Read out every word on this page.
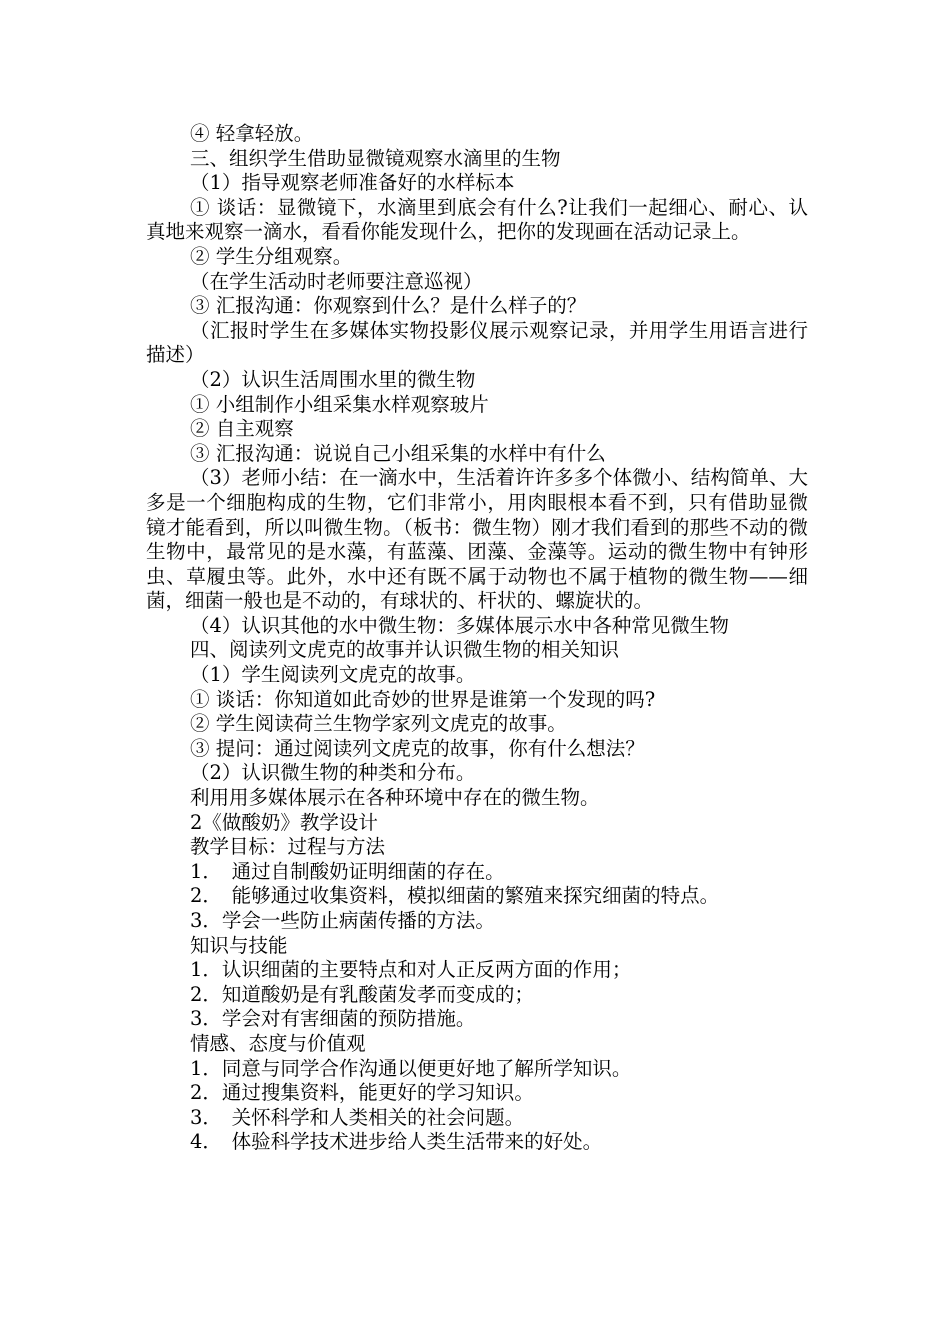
④ 轻拿轻放。

三、组织学生借助显微镜观察水滴里的生物

（1）指导观察老师准备好的水样标本

① 谈话：显微镜下，水滴里到底会有什么?让我们一起细心、耐心、认真地来观察一滴水，看看你能发现什么，把你的发现画在活动记录上。

② 学生分组观察。

（在学生活动时老师要注意巡视）

③ 汇报沟通：你观察到什么？是什么样子的？

（汇报时学生在多媒体实物投影仪展示观察记录，并用学生用语言进行描述）

（2）认识生活周围水里的微生物

① 小组制作小组采集水样观察玻片

② 自主观察

③ 汇报沟通：说说自己小组采集的水样中有什么

（3）老师小结：在一滴水中，生活着许许多多个体微小、结构简单、大多是一个细胞构成的生物，它们非常小，用肉眼根本看不到，只有借助显微镜才能看到，所以叫微生物。（板书：微生物）刚才我们看到的那些不动的微生物中，最常见的是水藻，有蓝藻、团藻、金藻等。运动的微生物中有钟形虫、草履虫等。此外，水中还有既不属于动物也不属于植物的微生物——细菌，细菌一般也是不动的，有球状的、杆状的、螺旋状的。

（4）认识其他的水中微生物：多媒体展示水中各种常见微生物

四、阅读列文虎克的故事并认识微生物的相关知识

（1）学生阅读列文虎克的故事。

① 谈话：你知道如此奇妙的世界是谁第一个发现的吗?

② 学生阅读荷兰生物学家列文虎克的故事。

③ 提问：通过阅读列文虎克的故事，你有什么想法？

（2）认识微生物的种类和分布。

利用用多媒体展示在各种环境中存在的微生物。

2《做酸奶》教学设计

教学目标：过程与方法

1．　通过自制酸奶证明细菌的存在。

2．　能够通过收集资料，模拟细菌的繁殖来探究细菌的特点。

3．学会一些防止病菌传播的方法。

知识与技能

1．认识细菌的主要特点和对人正反两方面的作用；

2．知道酸奶是有乳酸菌发孝而变成的；

3．学会对有害细菌的预防措施。

情感、态度与价值观

1．同意与同学合作沟通以便更好地了解所学知识。

2．通过搜集资料，能更好的学习知识。

3．　关怀科学和人类相关的社会问题。

4．　体验科学技术进步给人类生活带来的好处。
